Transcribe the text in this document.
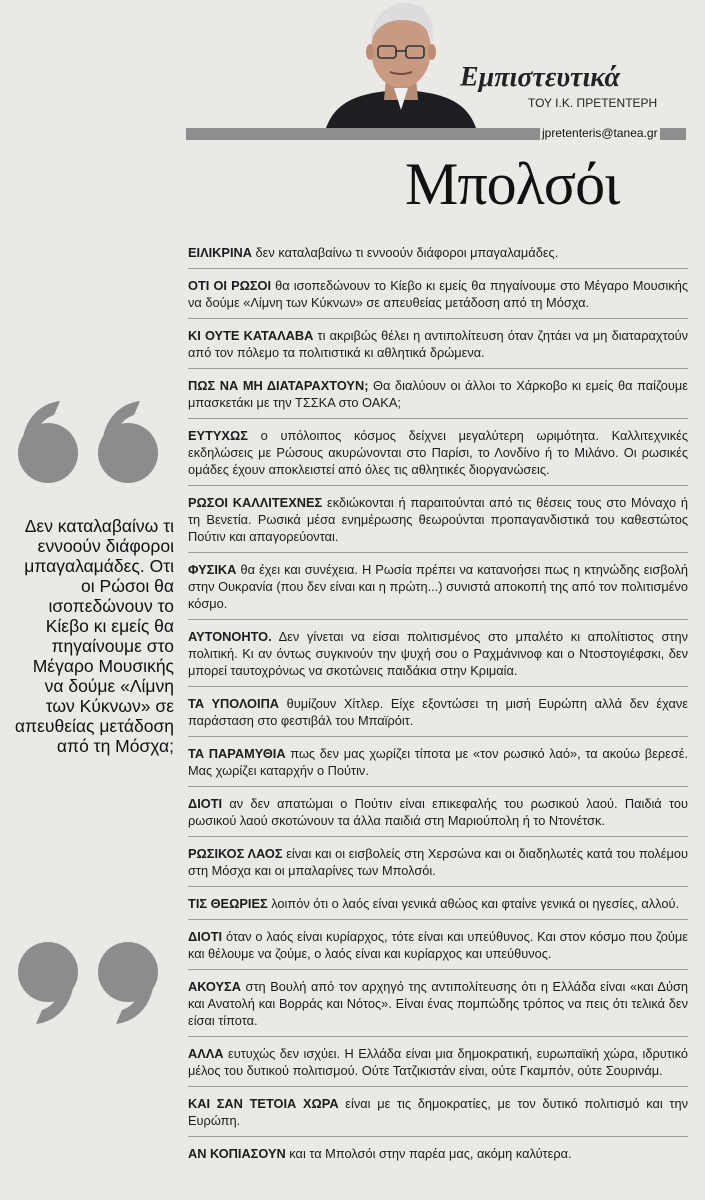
Εμπιστευτικά
ΤΟΥ Ι.Κ. ΠΡΕΤΕΝΤΕΡΗ
jpretenteris@tanea.gr
Μπολσόι
Δεν καταλαβαίνω τι εννοούν διάφοροι μπαγαλαμάδες. Οτι οι Ρώσοι θα ισοπεδώνουν το Κίεβο κι εμείς θα πηγαίνουμε στο Μέγαρο Μουσικής να δούμε «Λίμνη των Κύκνων» σε απευθείας μετάδοση από τη Μόσχα;

ΕΙΛΙΚΡΙΝΑ δεν καταλαβαίνω τι εννοούν διάφοροι μπαγαλαμάδες.

ΟΤΙ ΟΙ ΡΩΣΟΙ θα ισοπεδώνουν το Κίεβο κι εμείς θα πηγαίνουμε στο Μέγαρο Μουσικής να δούμε «Λίμνη των Κύκνων» σε απευθείας μετάδοση από τη Μόσχα.

ΚΙ ΟΥΤΕ ΚΑΤΑΛΑΒΑ τι ακριβώς θέλει η αντιπολίτευση όταν ζητάει να μη διαταραχτούν από τον πόλεμο τα πολιτιστικά κι αθλητικά δρώμενα.

ΠΩΣ ΝΑ ΜΗ ΔΙΑΤΑΡΑΧΤΟΥΝ; Θα διαλύουν οι άλλοι το Χάρκοβο κι εμείς θα παίζουμε μπασκετάκι με την ΤΣΣΚΑ στο ΟΑΚΑ;

ΕΥΤΥΧΩΣ ο υπόλοιπος κόσμος δείχνει μεγαλύτερη ωριμότητα. Καλλιτεχνικές εκδηλώσεις με Ρώσους ακυρώνονται στο Παρίσι, το Λονδίνο ή το Μιλάνο. Οι ρωσικές ομάδες έχουν αποκλειστεί από όλες τις αθλητικές διοργανώσεις.

ΡΩΣΟΙ ΚΑΛΛΙΤΕΧΝΕΣ εκδιώκονται ή παραιτούνται από τις θέσεις τους στο Μόναχο ή τη Βενετία. Ρωσικά μέσα ενημέρωσης θεωρούνται προπαγανδιστικά του καθεστώτος Πούτιν και απαγορεύονται.

ΦΥΣΙΚΑ θα έχει και συνέχεια. Η Ρωσία πρέπει να κατανοήσει πως η κτηνώδης εισβολή στην Ουκρανία (που δεν είναι και η πρώτη...) συνιστά αποκοπή της από τον πολιτισμένο κόσμο.

ΑΥΤΟΝΟΗΤΟ. Δεν γίνεται να είσαι πολιτισμένος στο μπαλέτο κι απολίτιστος στην πολιτική. Κι αν όντως συγκινούν την ψυχή σου ο Ραχμάνινοφ και ο Ντοστογιέφσκι, δεν μπορεί ταυτοχρόνως να σκοτώνεις παιδάκια στην Κριμαία.

ΤΑ ΥΠΟΛΟΙΠΑ θυμίζουν Χίτλερ. Είχε εξοντώσει τη μισή Ευρώπη αλλά δεν έχανε παράσταση στο φεστιβάλ του Μπαϊρόιτ.

ΤΑ ΠΑΡΑΜΥΘΙΑ πως δεν μας χωρίζει τίποτα με «τον ρωσικό λαό», τα ακούω βερεσέ. Μας χωρίζει καταρχήν ο Πούτιν.

ΔΙΟΤΙ αν δεν απατώμαι ο Πούτιν είναι επικεφαλής του ρωσικού λαού. Παιδιά του ρωσικού λαού σκοτώνουν τα άλλα παιδιά στη Μαριούπολη ή το Ντονέτσκ.

ΡΩΣΙΚΟΣ ΛΑΟΣ είναι και οι εισβολείς στη Χερσώνα και οι διαδηλωτές κατά του πολέμου στη Μόσχα και οι μπαλαρίνες των Μπολσόι.

ΤΙΣ ΘΕΩΡΙΕΣ λοιπόν ότι ο λαός είναι γενικά αθώος και φταίνε γενικά οι ηγεσίες, αλλού.

ΔΙΟΤΙ όταν ο λαός είναι κυρίαρχος, τότε είναι και υπεύθυνος. Και στον κόσμο που ζούμε και θέλουμε να ζούμε, ο λαός είναι και κυρίαρχος και υπεύθυνος.

ΑΚΟΥΣΑ στη Βουλή από τον αρχηγό της αντιπολίτευσης ότι η Ελλάδα είναι «και Δύση και Ανατολή και Βορράς και Νότος». Είναι ένας πομπώδης τρόπος να πεις ότι τελικά δεν είσαι τίποτα.

ΑΛΛΑ ευτυχώς δεν ισχύει. Η Ελλάδα είναι μια δημοκρατική, ευρωπαϊκή χώρα, ιδρυτικό μέλος του δυτικού πολιτισμού. Ούτε Τατζικιστάν είναι, ούτε Γκαμπόν, ούτε Σουρινάμ.

ΚΑΙ ΣΑΝ ΤΕΤΟΙΑ ΧΩΡΑ είναι με τις δημοκρατίες, με τον δυτικό πολιτισμό και την Ευρώπη.

ΑΝ ΚΟΠΙΑΣΟΥΝ και τα Μπολσόι στην παρέα μας, ακόμη καλύτερα.
